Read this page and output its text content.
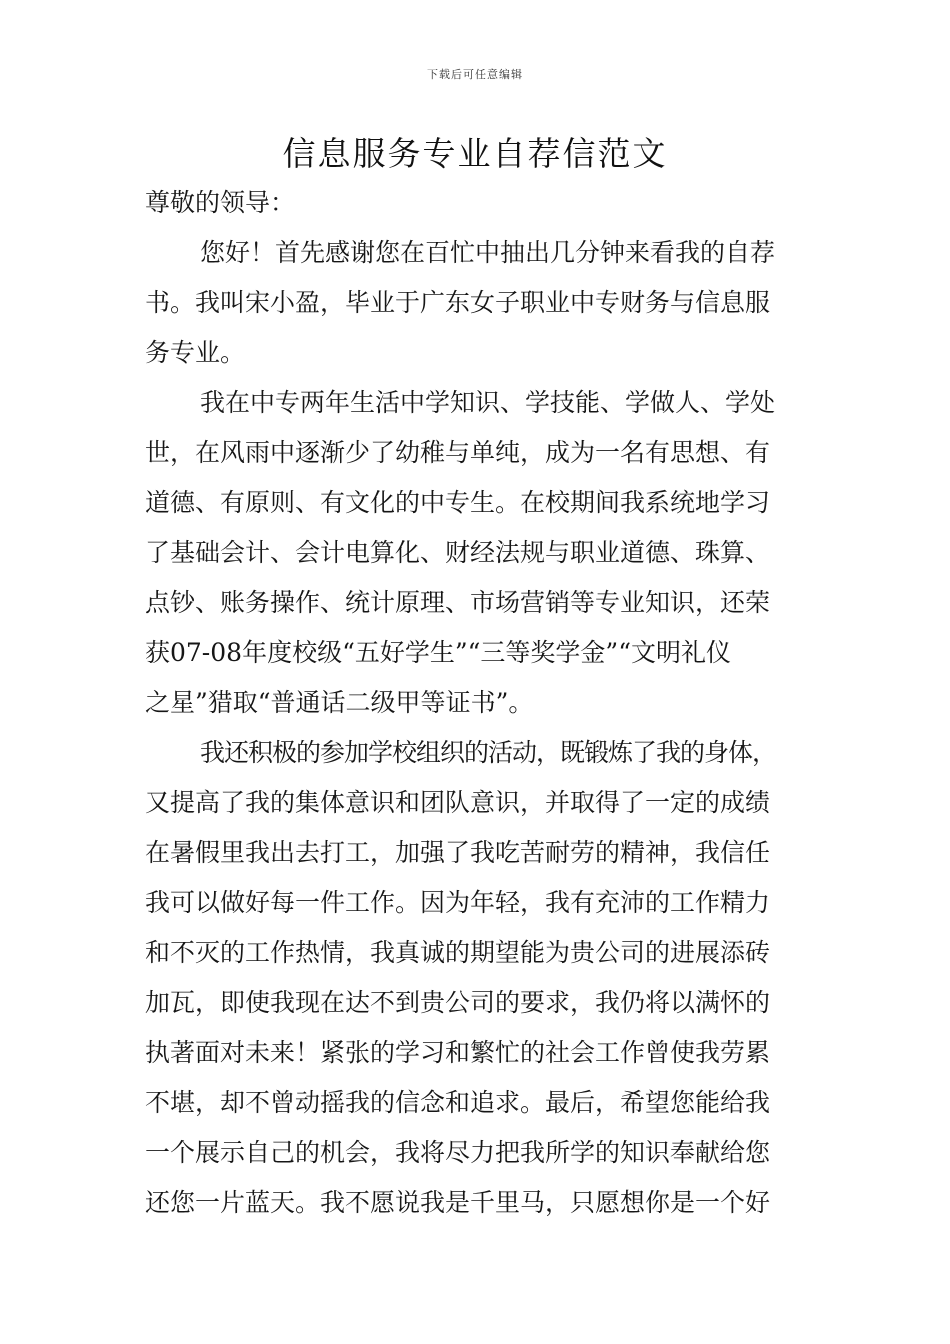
下载后可任意编辑
信息服务专业自荐信范文
尊敬的领导：
您好！首先感谢您在百忙中抽出几分钟来看我的自荐
书。我叫宋小盈，毕业于广东女子职业中专财务与信息服
务专业。
我在中专两年生活中学知识、学技能、学做人、学处
世，在风雨中逐渐少了幼稚与单纯，成为一名有思想、有
道德、有原则、有文化的中专生。在校期间我系统地学习
了基础会计、会计电算化、财经法规与职业道德、珠算、
点钞、账务操作、统计原理、市场营销等专业知识，还荣
获07-08年度校级“五好学生”“三等奖学金”“文明礼仪
之星”猎取“普通话二级甲等证书”。
我还积极的参加学校组织的活动，既锻炼了我的身体，
又提高了我的集体意识和团队意识，并取得了一定的成绩
在暑假里我出去打工，加强了我吃苦耐劳的精神，我信任
我可以做好每一件工作。因为年轻，我有充沛的工作精力
和不灭的工作热情，我真诚的期望能为贵公司的进展添砖
加瓦，即使我现在达不到贵公司的要求，我仍将以满怀的
执著面对未来！紧张的学习和繁忙的社会工作曾使我劳累
不堪，却不曾动摇我的信念和追求。最后，希望您能给我
一个展示自己的机会，我将尽力把我所学的知识奉献给您
还您一片蓝天。我不愿说我是千里马，只愿想你是一个好
